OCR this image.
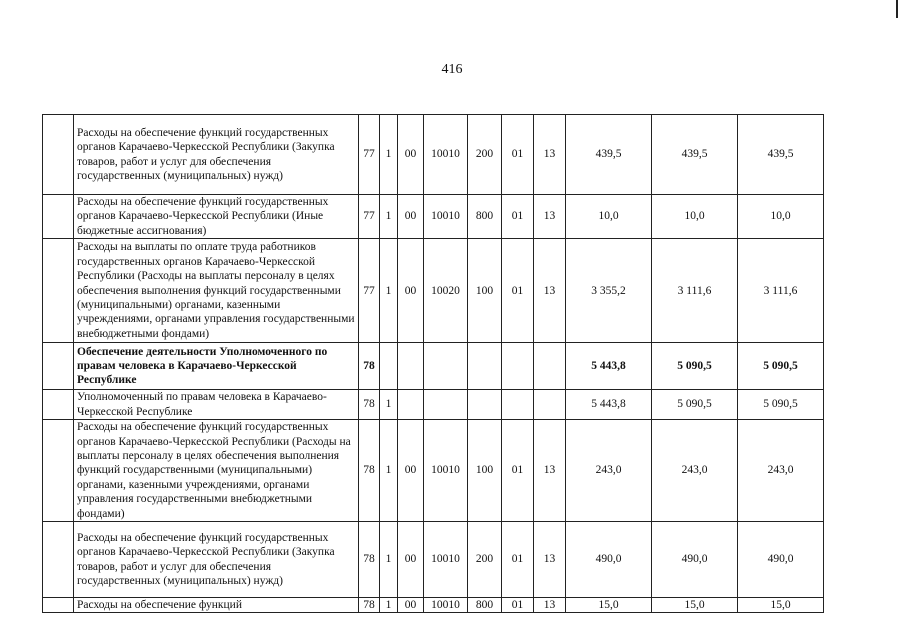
416
	Расходы на обеспечение функций государственных органов Карачаево-Черкесской Республики (Закупка товаров, работ и услуг для обеспечения государственных (муниципальных) нужд)	77	1	00	10010	200	01	13	439,5	439,5	439,5
	Расходы на обеспечение функций государственных органов Карачаево-Черкесской Республики (Иные бюджетные ассигнования)	77	1	00	10010	800	01	13	10,0	10,0	10,0
	Расходы на выплаты по оплате труда работников государственных органов Карачаево-Черкесской Республики (Расходы на выплаты персоналу в целях обеспечения выполнения функций государственными (муниципальными) органами, казенными учреждениями, органами управления государственными внебюджетными фондами)	77	1	00	10020	100	01	13	3 355,2	3 111,6	3 111,6
	Обеспечение деятельности Уполномоченного по правам человека в Карачаево-Черкесской Республике	78							5 443,8	5 090,5	5 090,5
	Уполномоченный по правам человека в Карачаево-Черкесской Республике	78	1						5 443,8	5 090,5	5 090,5
	Расходы на обеспечение функций государственных органов Карачаево-Черкесской Республики (Расходы на выплаты персоналу в целях обеспечения выполнения функций государственными (муниципальными) органами, казенными учреждениями, органами управления государственными внебюджетными фондами)	78	1	00	10010	100	01	13	243,0	243,0	243,0
	Расходы на обеспечение функций государственных органов Карачаево-Черкесской Республики (Закупка товаров, работ и услуг для обеспечения государственных (муниципальных) нужд)	78	1	00	10010	200	01	13	490,0	490,0	490,0
	Расходы на обеспечение функций	78	1	00	10010	800	01	13	15,0	15,0	15,0
